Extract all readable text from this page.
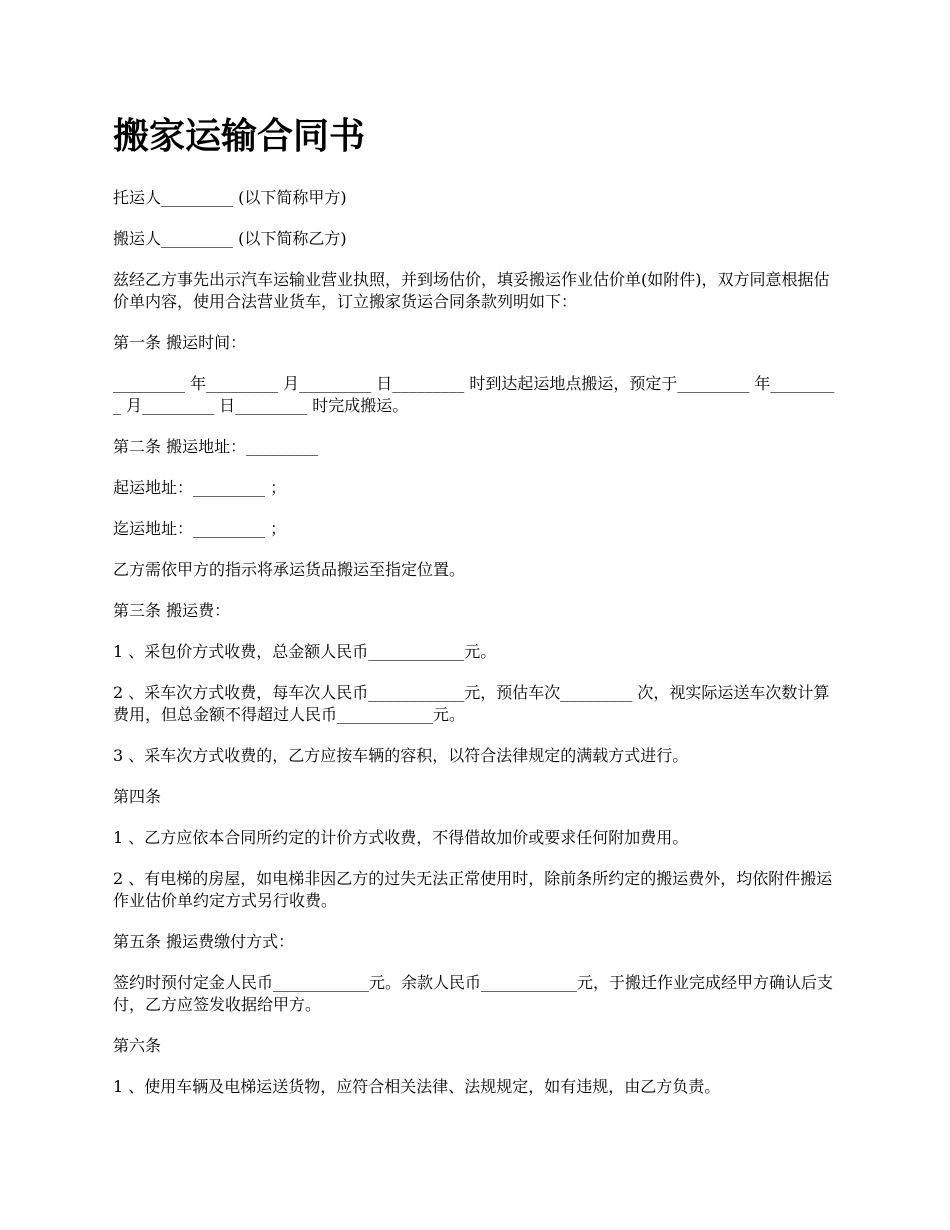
搬家运输合同书

托运人_________ (以下简称甲方)

搬运人_________ (以下简称乙方)

兹经乙方事先出示汽车运输业营业执照，并到场估价，填妥搬运作业估价单(如附件)，双方同意根据估价单内容，使用合法营业货车，订立搬家货运合同条款列明如下：

第一条 搬运时间：

_________ 年_________ 月_________ 日_________ 时到达起运地点搬运，预定于_________ 年_________ 月_________ 日_________ 时完成搬运。

第二条 搬运地址：_________

起运地址：_________ ；

迄运地址：_________ ；

乙方需依甲方的指示将承运货品搬运至指定位置。

第三条 搬运费：

1 、采包价方式收费，总金额人民币____________元。

2 、采车次方式收费，每车次人民币____________元，预估车次_________ 次，视实际运送车次数计算费用，但总金额不得超过人民币____________元。

3 、采车次方式收费的，乙方应按车辆的容积，以符合法律规定的满载方式进行。

第四条

1 、乙方应依本合同所约定的计价方式收费，不得借故加价或要求任何附加费用。

2 、有电梯的房屋，如电梯非因乙方的过失无法正常使用时，除前条所约定的搬运费外，均依附件搬运作业估价单约定方式另行收费。

第五条 搬运费缴付方式：

签约时预付定金人民币____________元。余款人民币____________元，于搬迁作业完成经甲方确认后支付，乙方应签发收据给甲方。

第六条

1 、使用车辆及电梯运送货物，应符合相关法律、法规规定，如有违规，由乙方负责。
